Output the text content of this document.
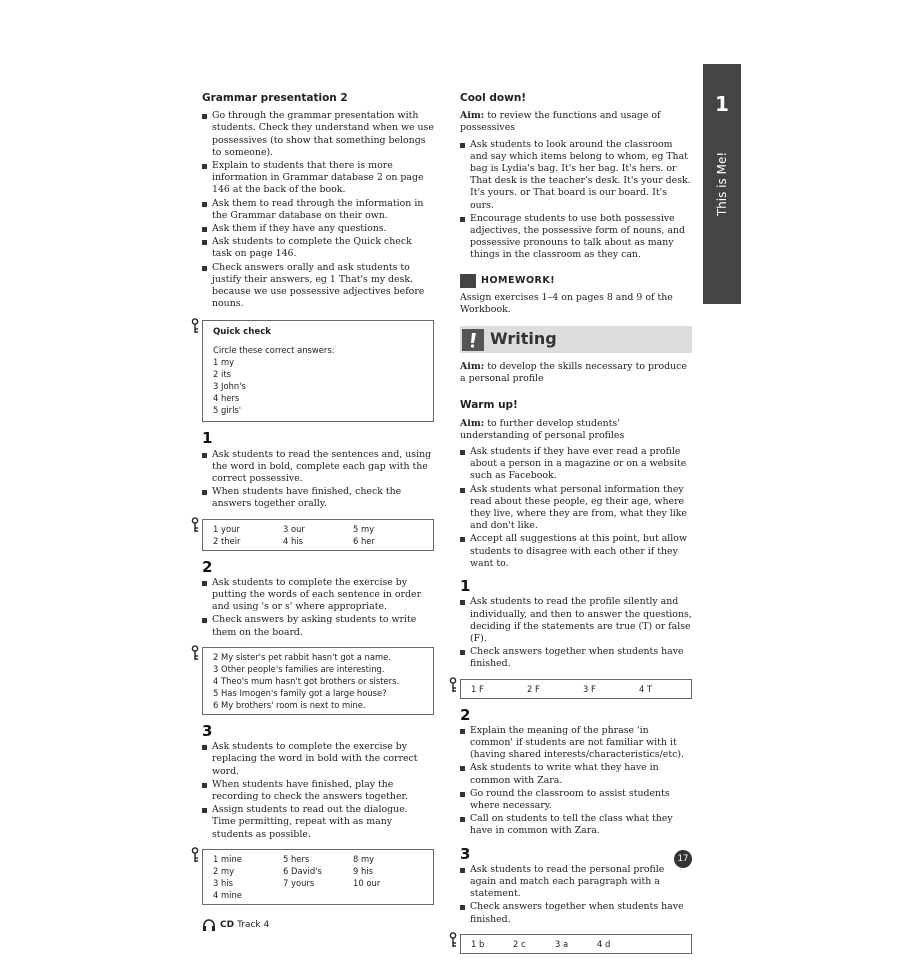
1
This is Me!
Grammar presentation 2
Go through the grammar presentation with students. Check they understand when we use possessives (to show that something belongs to someone).
Explain to students that there is more information in Grammar database 2 on page 146 at the back of the book.
Ask them to read through the information in the Grammar database on their own.
Ask them if they have any questions.
Ask students to complete the Quick check task on page 146.
Check answers orally and ask students to justify their answers, eg 1 That's my desk. because we use possessive adjectives before nouns.
Quick check
Circle these correct answers:
1 my
2 its
3 John's
4 hers
5 girls'
1
Ask students to read the sentences and, using the word in bold, complete each gap with the correct possessive.
When students have finished, check the answers together orally.
1 your	3 our	5 my
2 their	4 his	6 her
2
Ask students to complete the exercise by putting the words of each sentence in order and using 's or s' where appropriate.
Check answers by asking students to write them on the board.
2 My sister's pet rabbit hasn't got a name.
3 Other people's families are interesting.
4 Theo's mum hasn't got brothers or sisters.
5 Has Imogen's family got a large house?
6 My brothers' room is next to mine.
3
Ask students to complete the exercise by replacing the word in bold with the correct word.
When students have finished, play the recording to check the answers together.
Assign students to read out the dialogue. Time permitting, repeat with as many students as possible.
1 mine	5 hers	8 my
2 my	6 David's	9 his
3 his	7 yours	10 our
4 mine
CD Track 4
Cool down!
Aim: to review the functions and usage of possessives
Ask students to look around the classroom and say which items belong to whom, eg That bag is Lydia's bag. It's her bag. It's hers. or That desk is the teacher's desk. It's your desk. It's yours. or That board is our board. It's ours.
Encourage students to use both possessive adjectives, the possessive form of nouns, and possessive pronouns to talk about as many things in the classroom as they can.
HOMEWORK!
Assign exercises 1–4 on pages 8 and 9 of the Workbook.
Writing
Aim: to develop the skills necessary to produce a personal profile
Warm up!
Aim: to further develop students' understanding of personal profiles
Ask students if they have ever read a profile about a person in a magazine or on a website such as Facebook.
Ask students what personal information they read about these people, eg their age, where they live, where they are from, what they like and don't like.
Accept all suggestions at this point, but allow students to disagree with each other if they want to.
1
Ask students to read the profile silently and individually, and then to answer the questions, deciding if the statements are true (T) or false (F).
Check answers together when students have finished.
1 F	2 F	3 F	4 T
2
Explain the meaning of the phrase 'in common' if students are not familiar with it (having shared interests/characteristics/etc).
Ask students to write what they have in common with Zara.
Go round the classroom to assist students where necessary.
Call on students to tell the class what they have in common with Zara.
3
Ask students to read the personal profile again and match each paragraph with a statement.
Check answers together when students have finished.
1 b	2 c	3 a	4 d
17
